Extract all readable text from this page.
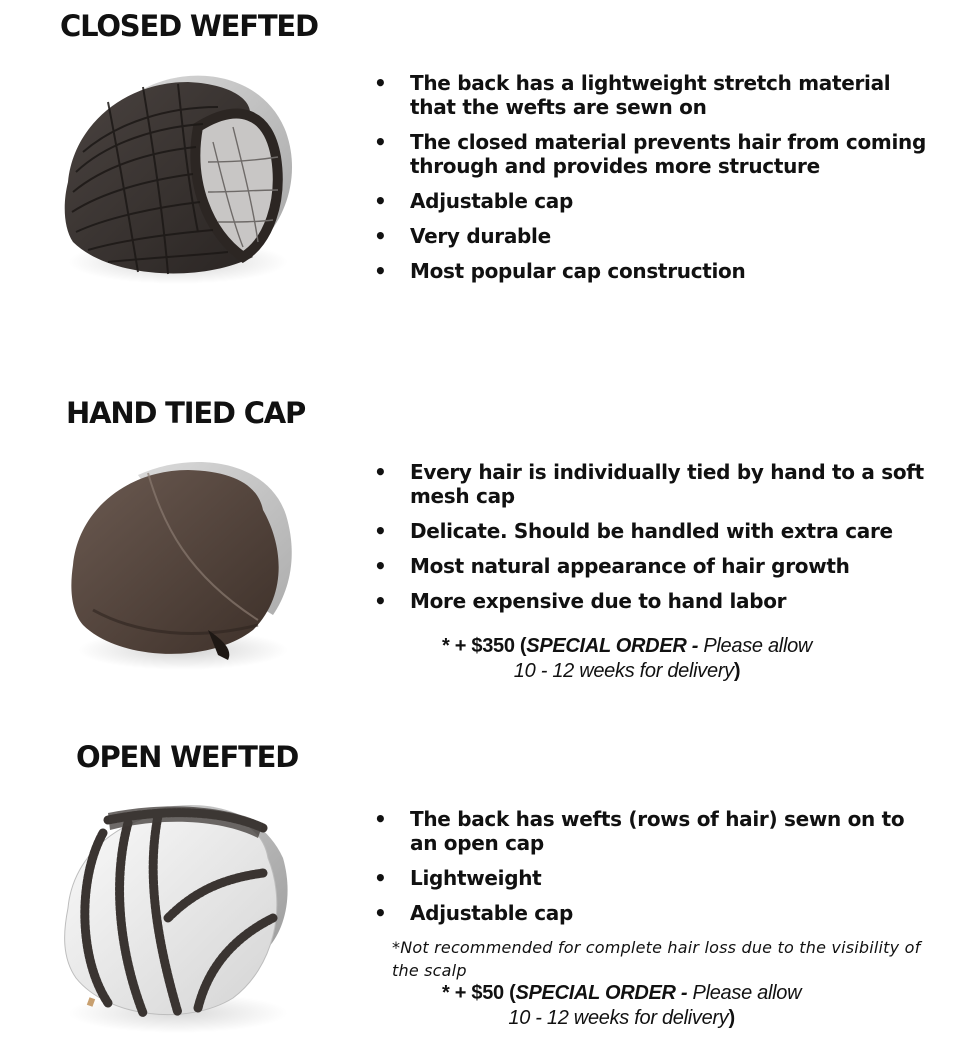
CLOSED WEFTED
• The back has a lightweight stretch material that the wefts are sewn on
• The closed material prevents hair from coming through and provides more structure
• Adjustable cap
• Very durable
• Most popular cap construction
HAND TIED CAP
• Every hair is individually tied by hand to a soft mesh cap
• Delicate. Should be handled with extra care
• Most natural appearance of hair growth
• More expensive due to hand labor
* + $350 (SPECIAL ORDER - Please allow
10 - 12 weeks for delivery)
OPEN WEFTED
• The back has wefts (rows of hair) sewn on to an open cap
• Lightweight
• Adjustable cap
*Not recommended for complete hair loss due to the visibility of the scalp
* + $50 (SPECIAL ORDER - Please allow
10 - 12 weeks for delivery)
